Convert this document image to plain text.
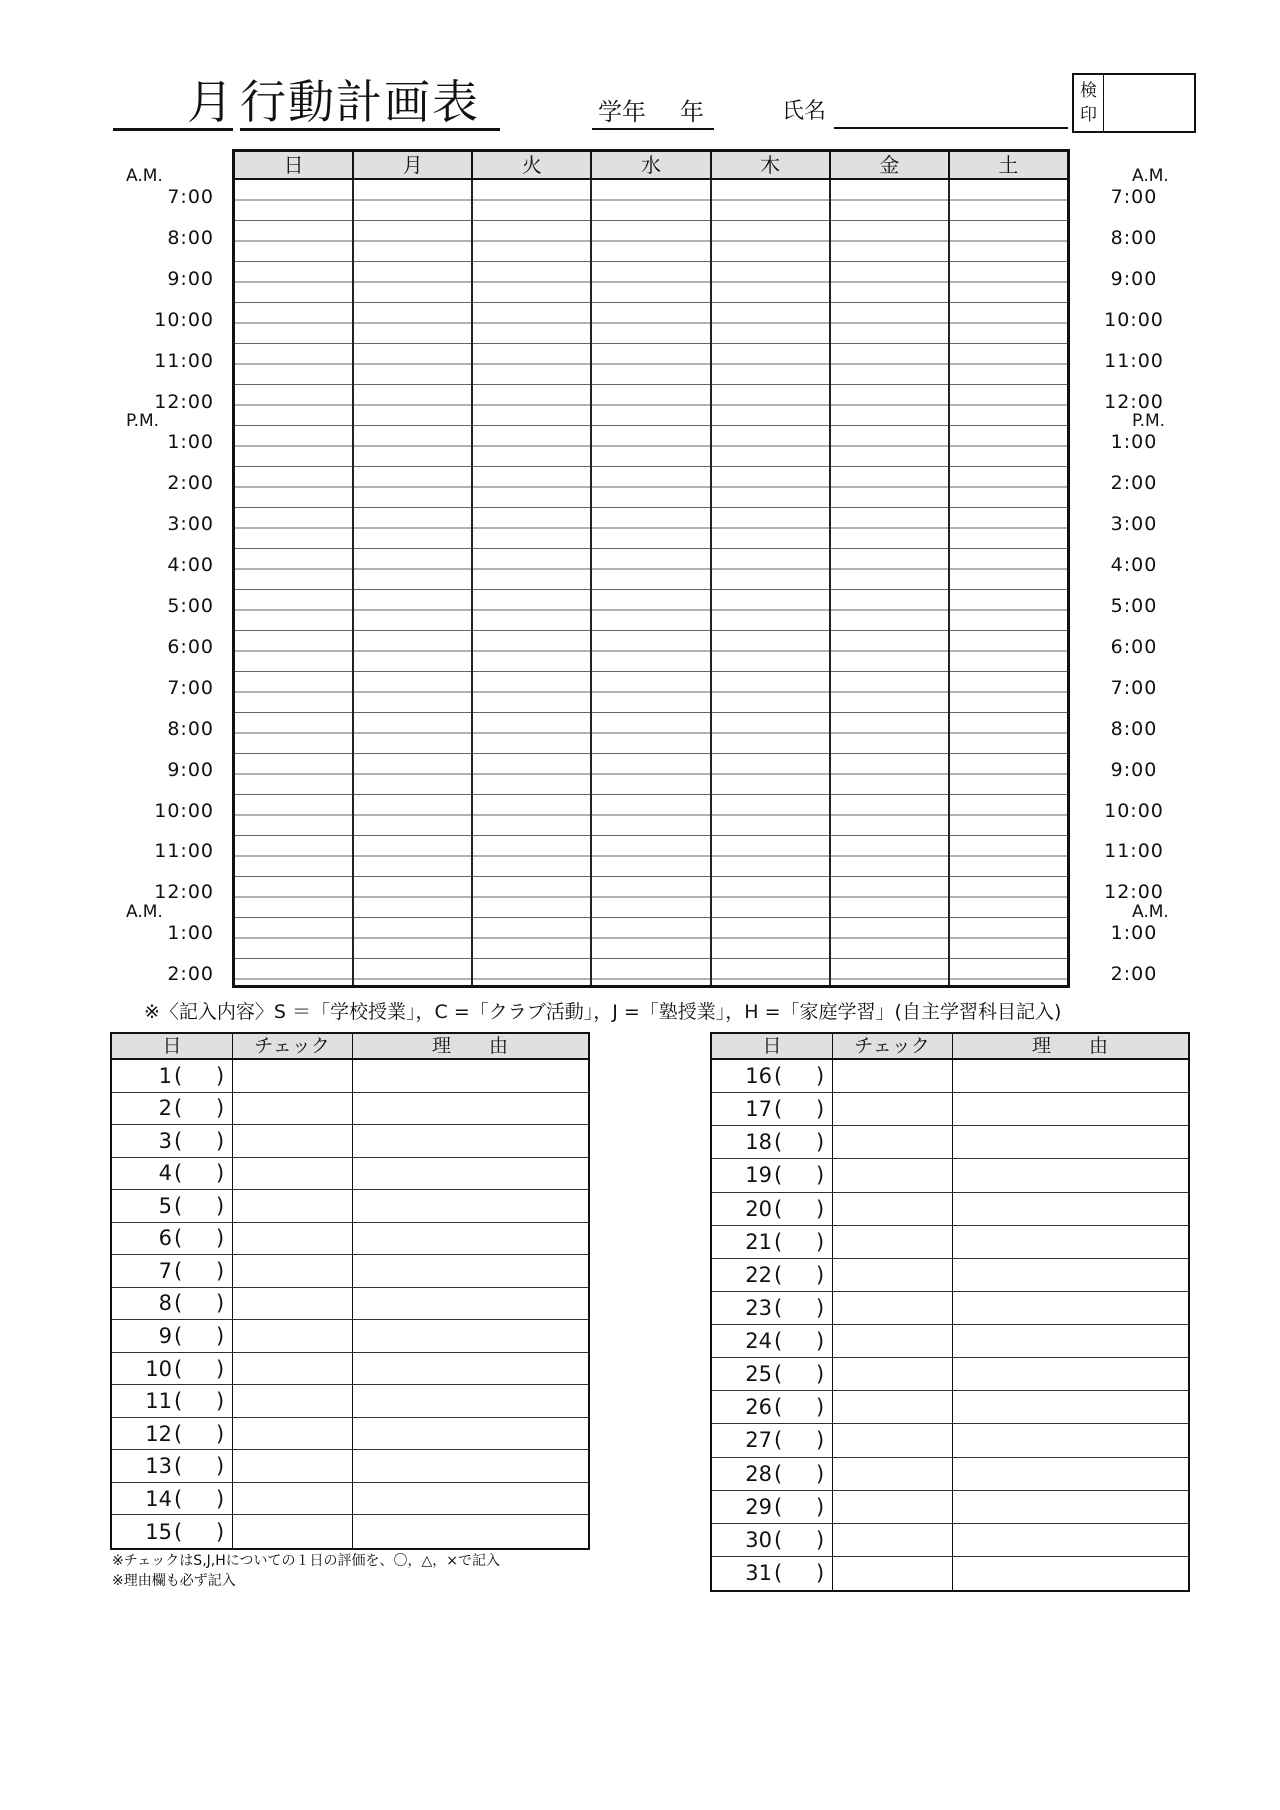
月 行動計画表	学年 年	氏名
検
印
日	月	火	水	木	金	土
A.M.	A.M.
P.M.	P.M.
A.M.	A.M.
7:00	7:00
8:00	8:00
9:00	9:00
10:00	10:00
11:00	11:00
12:00	12:00
1:00	1:00
2:00	2:00
3:00	3:00
4:00	4:00
5:00	5:00
6:00	6:00
7:00	7:00
8:00	8:00
9:00	9:00
10:00	10:00
11:00	11:00
12:00	12:00
1:00	1:00
2:00	2:00
※〈記入内容〉S ＝「学校授業」，C =「クラブ活動」，J =「塾授業」，H =「家庭学習」(自主学習科目記入)
日	チェック	理　　由
1 ( )
2 ( )
3 ( )
4 ( )
5 ( )
6 ( )
7 ( )
8 ( )
9 ( )
10 ( )
11 ( )
12 ( )
13 ( )
14 ( )
15 ( )
日	チェック	理　　由
16 ( )
17 ( )
18 ( )
19 ( )
20 ( )
21 ( )
22 ( )
23 ( )
24 ( )
25 ( )
26 ( )
27 ( )
28 ( )
29 ( )
30 ( )
31 ( )
※チェックはS,J,Hについての１日の評価を、〇，△，×で記入
※理由欄も必ず記入
